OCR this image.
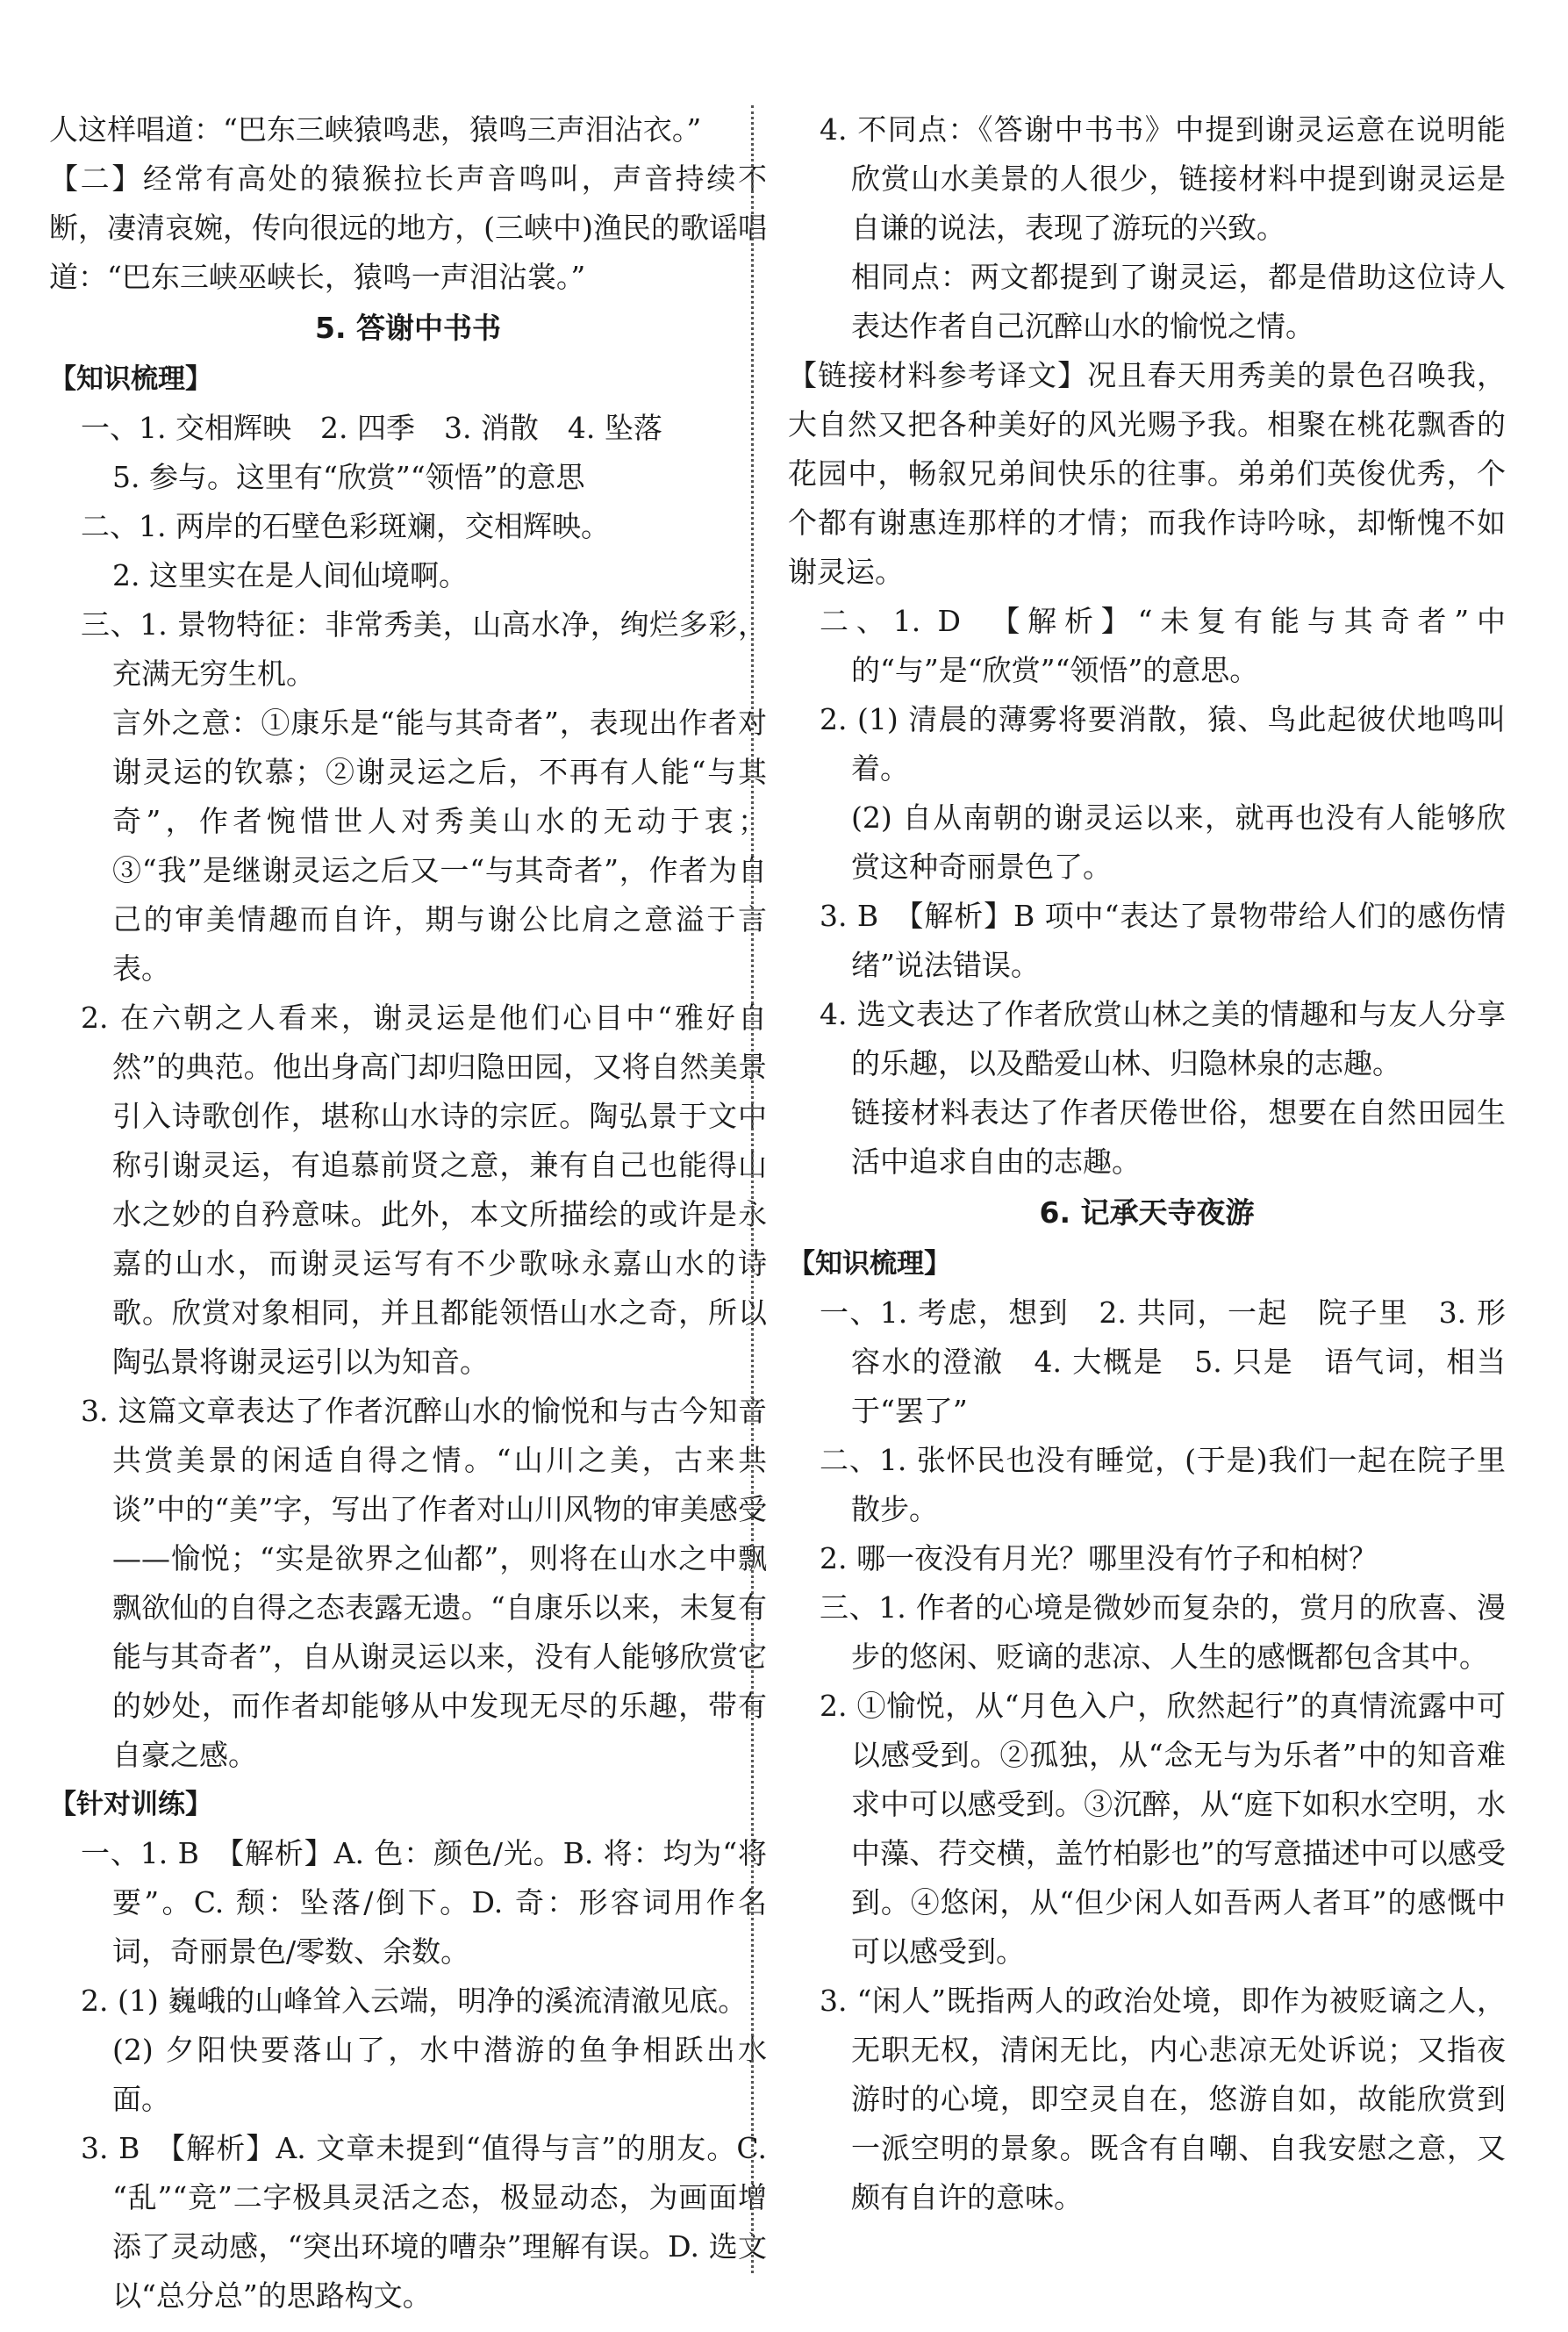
人这样唱道：“巴东三峡猿鸣悲，猿鸣三声泪沾衣。”

【二】经常有高处的猿猴拉长声音鸣叫，声音持续不断，凄清哀婉，传向很远的地方，(三峡中)渔民的歌谣唱道：“巴东三峡巫峡长，猿鸣一声泪沾裳。”

5. 答谢中书书

【知识梳理】

一、1. 交相辉映　2. 四季　3. 消散　4. 坠落

5. 参与。这里有“欣赏”“领悟”的意思

二、1. 两岸的石壁色彩斑斓，交相辉映。

2. 这里实在是人间仙境啊。

三、1. 景物特征：非常秀美，山高水净，绚烂多彩，充满无穷生机。

言外之意：①康乐是“能与其奇者”，表现出作者对谢灵运的钦慕；②谢灵运之后，不再有人能“与其奇”，作者惋惜世人对秀美山水的无动于衷；③“我”是继谢灵运之后又一“与其奇者”，作者为自己的审美情趣而自许，期与谢公比肩之意溢于言表。

2. 在六朝之人看来，谢灵运是他们心目中“雅好自然”的典范。他出身高门却归隐田园，又将自然美景引入诗歌创作，堪称山水诗的宗匠。陶弘景于文中称引谢灵运，有追慕前贤之意，兼有自己也能得山水之妙的自矜意味。此外，本文所描绘的或许是永嘉的山水，而谢灵运写有不少歌咏永嘉山水的诗歌。欣赏对象相同，并且都能领悟山水之奇，所以陶弘景将谢灵运引以为知音。

3. 这篇文章表达了作者沉醉山水的愉悦和与古今知音共赏美景的闲适自得之情。“山川之美，古来共谈”中的“美”字，写出了作者对山川风物的审美感受——愉悦；“实是欲界之仙都”，则将在山水之中飘飘欲仙的自得之态表露无遗。“自康乐以来，未复有能与其奇者”，自从谢灵运以来，没有人能够欣赏它的妙处，而作者却能够从中发现无尽的乐趣，带有自豪之感。

【针对训练】

一、1. B　【解析】A. 色：颜色/光。B. 将：均为“将要”。C. 颓：坠落/倒下。D. 奇：形容词用作名词，奇丽景色/零数、余数。

2. (1) 巍峨的山峰耸入云端，明净的溪流清澈见底。

(2) 夕阳快要落山了，水中潜游的鱼争相跃出水面。

3. B　【解析】A. 文章未提到“值得与言”的朋友。C. “乱”“竞”二字极具灵活之态，极显动态，为画面增添了灵动感，“突出环境的嘈杂”理解有误。D. 选文以“总分总”的思路构文。

4. 不同点：《答谢中书书》中提到谢灵运意在说明能欣赏山水美景的人很少，链接材料中提到谢灵运是自谦的说法，表现了游玩的兴致。

相同点：两文都提到了谢灵运，都是借助这位诗人表达作者自己沉醉山水的愉悦之情。

【链接材料参考译文】况且春天用秀美的景色召唤我，大自然又把各种美好的风光赐予我。相聚在桃花飘香的花园中，畅叙兄弟间快乐的往事。弟弟们英俊优秀，个个都有谢惠连那样的才情；而我作诗吟咏，却惭愧不如谢灵运。

二、1. D　【解析】“未复有能与其奇者”中的“与”是“欣赏”“领悟”的意思。

2. (1) 清晨的薄雾将要消散，猿、鸟此起彼伏地鸣叫着。

(2) 自从南朝的谢灵运以来，就再也没有人能够欣赏这种奇丽景色了。

3. B　【解析】B 项中“表达了景物带给人们的感伤情绪”说法错误。

4. 选文表达了作者欣赏山林之美的情趣和与友人分享的乐趣，以及酷爱山林、归隐林泉的志趣。

链接材料表达了作者厌倦世俗，想要在自然田园生活中追求自由的志趣。

6. 记承天寺夜游

【知识梳理】

一、1. 考虑，想到　2. 共同，一起　院子里　3. 形容水的澄澈　4. 大概是　5. 只是　语气词，相当于“罢了”

二、1. 张怀民也没有睡觉，(于是)我们一起在院子里散步。

2. 哪一夜没有月光？哪里没有竹子和柏树？

三、1. 作者的心境是微妙而复杂的，赏月的欣喜、漫步的悠闲、贬谪的悲凉、人生的感慨都包含其中。

2. ①愉悦，从“月色入户，欣然起行”的真情流露中可以感受到。②孤独，从“念无与为乐者”中的知音难求中可以感受到。③沉醉，从“庭下如积水空明，水中藻、荇交横，盖竹柏影也”的写意描述中可以感受到。④悠闲，从“但少闲人如吾两人者耳”的感慨中可以感受到。

3. “闲人”既指两人的政治处境，即作为被贬谪之人，无职无权，清闲无比，内心悲凉无处诉说；又指夜游时的心境，即空灵自在，悠游自如，故能欣赏到一派空明的景象。既含有自嘲、自我安慰之意，又颇有自许的意味。
